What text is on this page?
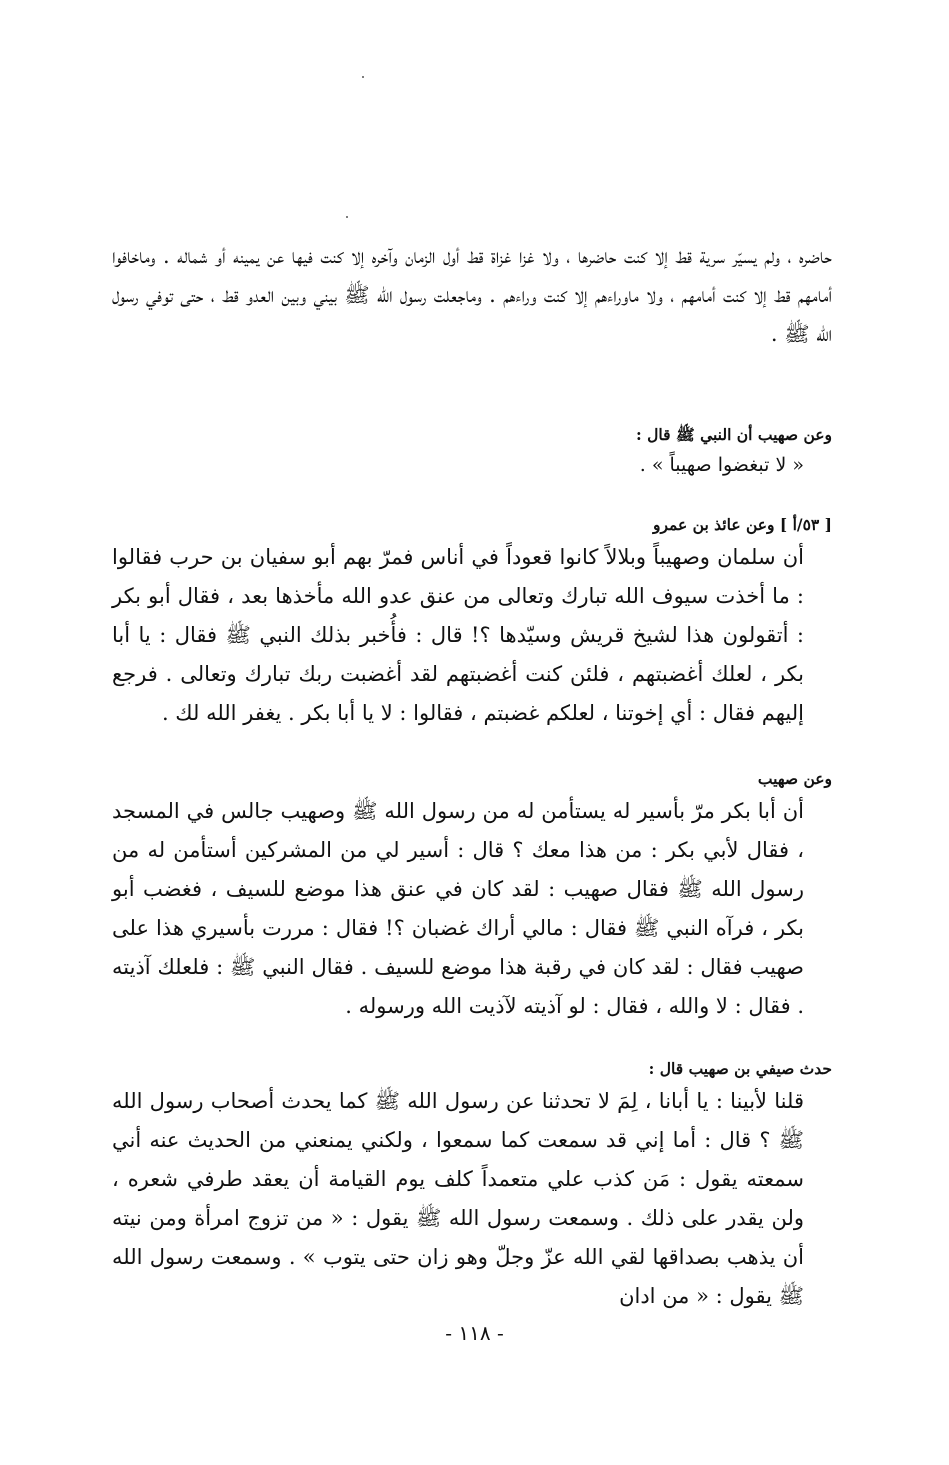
حاضره ، ولم يسيّر سرية قط إلا كنت حاضرها ، ولا غزا غزاة قط أول الزمان وآخره إلا كنت فيها عن يمينه أو شماله . وماخافوا أمامهم قط إلا كنت أمامهم ، ولا ماوراءهم إلا كنت وراءهم . وماجعلت رسول الله ﷺ بيني وبين العدو قط ، حتى توفي رسول الله ﷺ .

وعن صهيب أن النبي ﷺ قال :

« لا تبغضوا صهيباً » .

[ ٥٣/أ ] وعن عائذ بن عمرو

أن سلمان وصهيباً وبلالاً كانوا قعوداً في أناس فمرّ بهم أبو سفيان بن حرب فقالوا : ما أخذت سيوف الله تبارك وتعالى من عنق عدو الله مأخذها بعد ، فقال أبو بكر : أتقولون هذا لشيخ قريش وسيّدها ؟! قال : فأُخبر بذلك النبي ﷺ فقال : يا أبا بكر ، لعلك أغضبتهم ، فلئن كنت أغضبتهم لقد أغضبت ربك تبارك وتعالى . فرجع إليهم فقال : أي إخوتنا ، لعلكم غضبتم ، فقالوا : لا يا أبا بكر . يغفر الله لك .

وعن صهيب

أن أبا بكر مرّ بأسير له يستأمن له من رسول الله ﷺ وصهيب جالس في المسجد ، فقال لأبي بكر : من هذا معك ؟ قال : أسير لي من المشركين أستأمن له من رسول الله ﷺ فقال صهيب : لقد كان في عنق هذا موضع للسيف ، فغضب أبو بكر ، فرآه النبي ﷺ فقال : مالي أراك غضبان ؟! فقال : مررت بأسيري هذا على صهيب فقال : لقد كان في رقبة هذا موضع للسيف . فقال النبي ﷺ : فلعلك آذيته . فقال : لا والله ، فقال : لو آذيته لآذيت الله ورسوله .

حدث صيفي بن صهيب قال :

قلنا لأبينا : يا أبانا ، لِمَ لا تحدثنا عن رسول الله ﷺ كما يحدث أصحاب رسول الله ﷺ ؟ قال : أما إني قد سمعت كما سمعوا ، ولكني يمنعني من الحديث عنه أني سمعته يقول : مَن كذب علي متعمداً كلف يوم القيامة أن يعقد طرفي شعره ، ولن يقدر على ذلك . وسمعت رسول الله ﷺ يقول : « من تزوج امرأة ومن نيته أن يذهب بصداقها لقي الله عزّ وجلّ وهو زان حتى يتوب » . وسمعت رسول الله ﷺ يقول : « من ادان

- ١١٨ -
